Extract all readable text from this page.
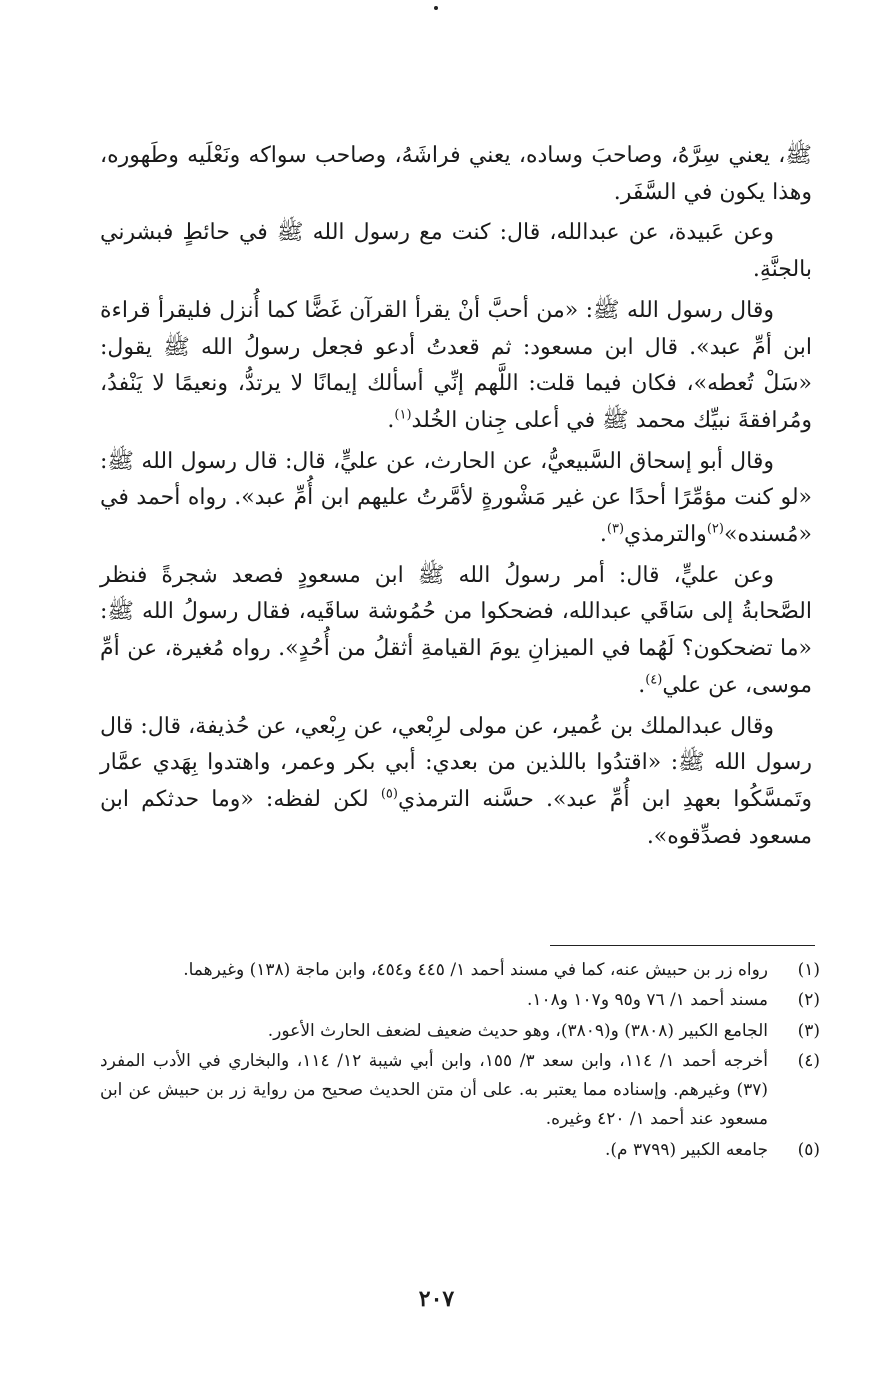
ﷺ، يعني سِرَّهُ، وصاحبَ وساده، يعني فراشَهُ، وصاحب سواكه ونَعْلَيه وطَهوره، وهذا يكون في السَّفَر.

وعن عَبيدة، عن عبدالله، قال: كنت مع رسول الله ﷺ في حائطٍ فبشرني بالجنَّةِ.

وقال رسول الله ﷺ: «من أحبَّ أنْ يقرأ القرآن غَضًّا كما أُنزل فليقرأ قراءة ابن أمِّ عبد». قال ابن مسعود: ثم قعدتُ أدعو فجعل رسولُ الله ﷺ يقول: «سَلْ تُعطه»، فكان فيما قلت: اللَّهم إنِّي أسألك إيمانًا لا يرتدُّ، ونعيمًا لا يَنْفدُ، ومُرافقةَ نبيِّك محمد ﷺ في أعلى جِنان الخُلد$^{(١)}$.

وقال أبو إسحاق السَّبيعيُّ، عن الحارث، عن عليٍّ، قال: قال رسول الله ﷺ: «لو كنت مؤمِّرًا أحدًا عن غير مَشْورةٍ لأمَّرتُ عليهم ابن أُمِّ عبد». رواه أحمد في «مُسنده»$^{(٢)}$والترمذي$^{(٣)}$.

وعن عليٍّ، قال: أمر رسولُ الله ﷺ ابن مسعودٍ فصعد شجرةً فنظر الصَّحابةُ إلى سَاقَي عبدالله، فضحكوا من حُمُوشة ساقَيه، فقال رسولُ الله ﷺ: «ما تضحكون؟ لَهُما في الميزانِ يومَ القيامةِ أثقلُ من أُحُدٍ». رواه مُغيرة، عن أمِّ موسى، عن علي$^{(٤)}$.

وقال عبدالملك بن عُمير، عن مولى لرِبْعي، عن رِبْعي، عن حُذيفة، قال: قال رسول الله ﷺ: «اقتدُوا باللذين من بعدي: أبي بكر وعمر، واهتدوا بِهَدي عمَّار وتَمسَّكُوا بعهدِ ابن أُمِّ عبد». حسَّنه الترمذي$^{(٥)}$ لكن لفظه: «وما حدثكم ابن مسعود فصدِّقوه».

(١)
رواه زر بن حبيش عنه، كما في مسند أحمد ١/ ٤٤٥ و٤٥٤، وابن ماجة (١٣٨) وغيرهما.
(٢)
مسند أحمد ١/ ٧٦ و٩٥ و١٠٧ و١٠٨.
(٣)
الجامع الكبير (٣٨٠٨) و(٣٨٠٩)، وهو حديث ضعيف لضعف الحارث الأعور.
(٤)
أخرجه أحمد ١/ ١١٤، وابن سعد ٣/ ١٥٥، وابن أبي شيبة ١٢/ ١١٤، والبخاري في الأدب المفرد (٣٧) وغيرهم. وإسناده مما يعتبر به. على أن متن الحديث صحيح من رواية زر بن حبيش عن ابن مسعود عند أحمد ١/ ٤٢٠ وغيره.
(٥)
جامعه الكبير (٣٧٩٩ م).
٢٠٧
